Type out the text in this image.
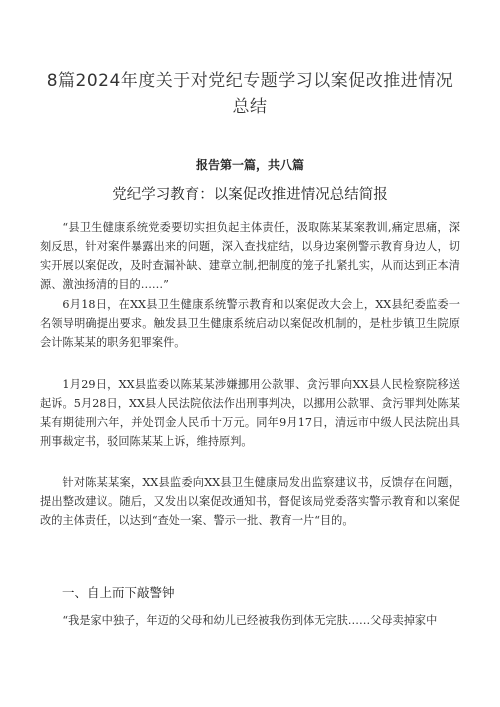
8篇2024年度关于对党纪专题学习以案促改推进情况总结
报告第一篇，共八篇
党纪学习教育：以案促改推进情况总结简报

“县卫生健康系统党委要切实担负起主体责任，汲取陈某某案教训,痛定思痛，深刻反思，针对案件暴露出来的问题，深入查找症结，以身边案例警示教育身边人，切实开展以案促改，及时查漏补缺、建章立制,把制度的笼子扎紧扎实，从而达到正本清源、激浊扬清的目的……”

6月18日，在XX县卫生健康系统警示教育和以案促改大会上，XX县纪委监委一名领导明确提出要求。触发县卫生健康系统启动以案促改机制的，是杜步镇卫生院原会计陈某某的职务犯罪案件。

1月29日，XX县监委以陈某某涉嫌挪用公款罪、贪污罪向XX县人民检察院移送起诉。5月28日，XX县人民法院依法作出刑事判决，以挪用公款罪、贪污罪判处陈某某有期徒刑六年，并处罚金人民币十万元。同年9月17日，清远市中级人民法院出具刑事裁定书，驳回陈某某上诉，维持原判。

针对陈某某案，XX县监委向XX县卫生健康局发出监察建议书，反馈存在问题，提出整改建议。随后，又发出以案促改通知书，督促该局党委落实警示教育和以案促改的主体责任，以达到“查处一案、警示一批、教育一片“目的。

一、自上而下敲警钟

“我是家中独子，年迈的父母和幼儿已经被我伤到体无完肤……父母卖掉家中
